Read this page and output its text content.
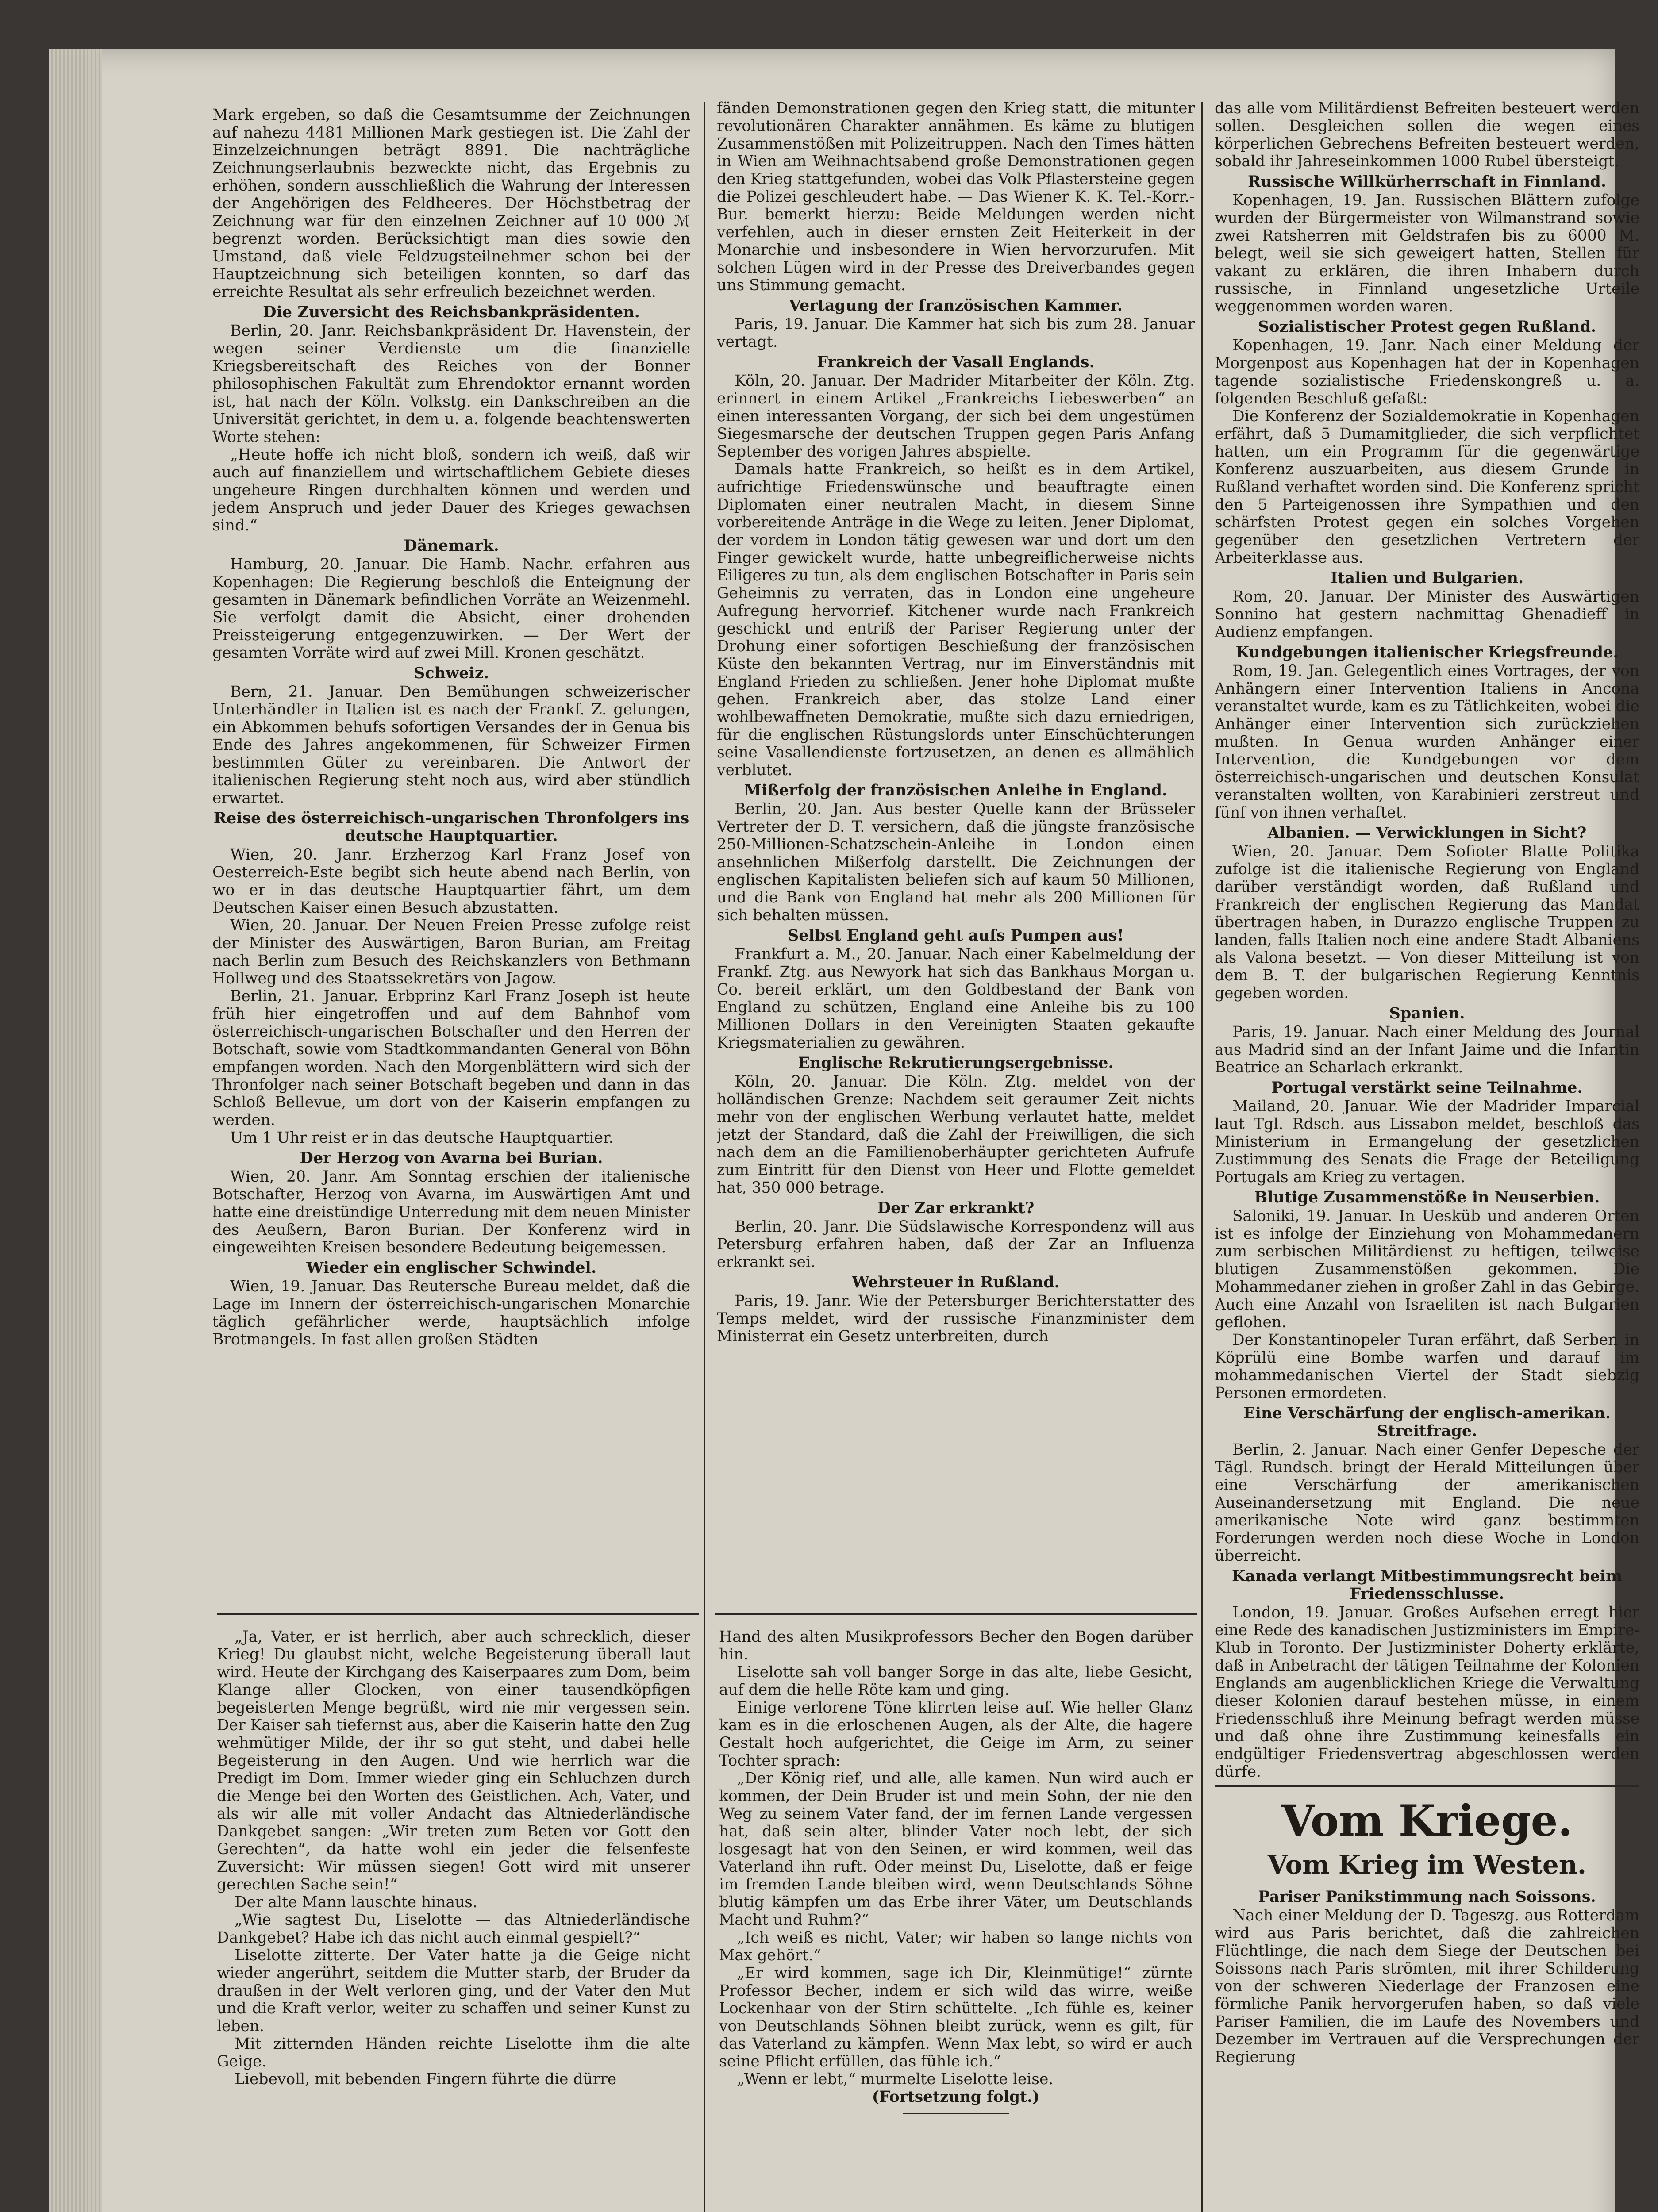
Mark ergeben, so daß die Gesamtsumme der Zeichnungen auf nahezu 4481 Millionen Mark gestiegen ist. Die Zahl der Einzelzeichnungen beträgt 8891. Die nachträgliche Zeichnungserlaubnis bezweckte nicht, das Ergebnis zu erhöhen, sondern ausschließlich die Wahrung der Interessen der Angehörigen des Feldheeres. Der Höchstbetrag der Zeichnung war für den einzelnen Zeichner auf 10 000 ℳ begrenzt worden. Berücksichtigt man dies sowie den Umstand, daß viele Feldzugsteilnehmer schon bei der Hauptzeichnung sich beteiligen konnten, so darf das erreichte Resultat als sehr erfreulich bezeichnet werden.

Die Zuversicht des Reichsbankpräsidenten.

Berlin, 20. Janr. Reichsbankpräsident Dr. Havenstein, der wegen seiner Verdienste um die finanzielle Kriegsbereitschaft des Reiches von der Bonner philosophischen Fakultät zum Ehrendoktor ernannt worden ist, hat nach der Köln. Volkstg. ein Dankschreiben an die Universität gerichtet, in dem u. a. folgende beachtenswerten Worte stehen:

„Heute hoffe ich nicht bloß, sondern ich weiß, daß wir auch auf finanziellem und wirtschaftlichem Gebiete dieses ungeheure Ringen durchhalten können und werden und jedem Anspruch und jeder Dauer des Krieges gewachsen sind.“

Dänemark.

Hamburg, 20. Januar. Die Hamb. Nachr. erfahren aus Kopenhagen: Die Regierung beschloß die Enteignung der gesamten in Dänemark befindlichen Vorräte an Weizenmehl. Sie verfolgt damit die Absicht, einer drohenden Preissteigerung entgegenzuwirken. — Der Wert der gesamten Vorräte wird auf zwei Mill. Kronen geschätzt.

Schweiz.

Bern, 21. Januar. Den Bemühungen schweizerischer Unterhändler in Italien ist es nach der Frankf. Z. gelungen, ein Abkommen behufs sofortigen Versandes der in Genua bis Ende des Jahres angekommenen, für Schweizer Firmen bestimmten Güter zu vereinbaren. Die Antwort der italienischen Regierung steht noch aus, wird aber stündlich erwartet.

Reise des österreichisch-ungarischen Thronfolgers ins deutsche Hauptquartier.

Wien, 20. Janr. Erzherzog Karl Franz Josef von Oesterreich-Este begibt sich heute abend nach Berlin, von wo er in das deutsche Hauptquartier fährt, um dem Deutschen Kaiser einen Besuch abzustatten.

Wien, 20. Januar. Der Neuen Freien Presse zufolge reist der Minister des Auswärtigen, Baron Burian, am Freitag nach Berlin zum Besuch des Reichskanzlers von Bethmann Hollweg und des Staatssekretärs von Jagow.

Berlin, 21. Januar. Erbprinz Karl Franz Joseph ist heute früh hier eingetroffen und auf dem Bahnhof vom österreichisch-ungarischen Botschafter und den Herren der Botschaft, sowie vom Stadtkommandanten General von Böhn empfangen worden. Nach den Morgenblättern wird sich der Thronfolger nach seiner Botschaft begeben und dann in das Schloß Bellevue, um dort von der Kaiserin empfangen zu werden.

Um 1 Uhr reist er in das deutsche Hauptquartier.

Der Herzog von Avarna bei Burian.

Wien, 20. Janr. Am Sonntag erschien der italienische Botschafter, Herzog von Avarna, im Auswärtigen Amt und hatte eine dreistündige Unterredung mit dem neuen Minister des Aeußern, Baron Burian. Der Konferenz wird in eingeweihten Kreisen besondere Bedeutung beigemessen.

Wieder ein englischer Schwindel.

Wien, 19. Januar. Das Reutersche Bureau meldet, daß die Lage im Innern der österreichisch-ungarischen Monarchie täglich gefährlicher werde, hauptsächlich infolge Brotmangels. In fast allen großen Städten

fänden Demonstrationen gegen den Krieg statt, die mitunter revolutionären Charakter annähmen. Es käme zu blutigen Zusammenstößen mit Polizeitruppen. Nach den Times hätten in Wien am Weihnachtsabend große Demonstrationen gegen den Krieg stattgefunden, wobei das Volk Pflastersteine gegen die Polizei geschleudert habe. — Das Wiener K. K. Tel.-Korr.-Bur. bemerkt hierzu: Beide Meldungen werden nicht verfehlen, auch in dieser ernsten Zeit Heiterkeit in der Monarchie und insbesondere in Wien hervorzurufen. Mit solchen Lügen wird in der Presse des Dreiverbandes gegen uns Stimmung gemacht.

Vertagung der französischen Kammer.

Paris, 19. Januar. Die Kammer hat sich bis zum 28. Januar vertagt.

Frankreich der Vasall Englands.

Köln, 20. Januar. Der Madrider Mitarbeiter der Köln. Ztg. erinnert in einem Artikel „Frankreichs Liebeswerben“ an einen interessanten Vorgang, der sich bei dem ungestümen Siegesmarsche der deutschen Truppen gegen Paris Anfang September des vorigen Jahres abspielte.

Damals hatte Frankreich, so heißt es in dem Artikel, aufrichtige Friedenswünsche und beauftragte einen Diplomaten einer neutralen Macht, in diesem Sinne vorbereitende Anträge in die Wege zu leiten. Jener Diplomat, der vordem in London tätig gewesen war und dort um den Finger gewickelt wurde, hatte unbegreiflicherweise nichts Eiligeres zu tun, als dem englischen Botschafter in Paris sein Geheimnis zu verraten, das in London eine ungeheure Aufregung hervorrief. Kitchener wurde nach Frankreich geschickt und entriß der Pariser Regierung unter der Drohung einer sofortigen Beschießung der französischen Küste den bekannten Vertrag, nur im Einverständnis mit England Frieden zu schließen. Jener hohe Diplomat mußte gehen. Frankreich aber, das stolze Land einer wohlbewaffneten Demokratie, mußte sich dazu erniedrigen, für die englischen Rüstungslords unter Einschüchterungen seine Vasallendienste fortzusetzen, an denen es allmählich verblutet.

Mißerfolg der französischen Anleihe in England.

Berlin, 20. Jan. Aus bester Quelle kann der Brüsseler Vertreter der D. T. versichern, daß die jüngste französische 250-Millionen-Schatzschein-Anleihe in London einen ansehnlichen Mißerfolg darstellt. Die Zeichnungen der englischen Kapitalisten beliefen sich auf kaum 50 Millionen, und die Bank von England hat mehr als 200 Millionen für sich behalten müssen.

Selbst England geht aufs Pumpen aus!

Frankfurt a. M., 20. Januar. Nach einer Kabelmeldung der Frankf. Ztg. aus Newyork hat sich das Bankhaus Morgan u. Co. bereit erklärt, um den Goldbestand der Bank von England zu schützen, England eine Anleihe bis zu 100 Millionen Dollars in den Vereinigten Staaten gekaufte Kriegsmaterialien zu gewähren.

Englische Rekrutierungsergebnisse.

Köln, 20. Januar. Die Köln. Ztg. meldet von der holländischen Grenze: Nachdem seit geraumer Zeit nichts mehr von der englischen Werbung verlautet hatte, meldet jetzt der Standard, daß die Zahl der Freiwilligen, die sich nach dem an die Familienoberhäupter gerichteten Aufrufe zum Eintritt für den Dienst von Heer und Flotte gemeldet hat, 350 000 betrage.

Der Zar erkrankt?

Berlin, 20. Janr. Die Südslawische Korrespondenz will aus Petersburg erfahren haben, daß der Zar an Influenza erkrankt sei.

Wehrsteuer in Rußland.

Paris, 19. Janr. Wie der Petersburger Berichterstatter des Temps meldet, wird der russische Finanzminister dem Ministerrat ein Gesetz unterbreiten, durch

„Ja, Vater, er ist herrlich, aber auch schrecklich, dieser Krieg! Du glaubst nicht, welche Begeisterung überall laut wird. Heute der Kirchgang des Kaiserpaares zum Dom, beim Klange aller Glocken, von einer tausendköpfigen begeisterten Menge begrüßt, wird nie mir vergessen sein. Der Kaiser sah tiefernst aus, aber die Kaiserin hatte den Zug wehmütiger Milde, der ihr so gut steht, und dabei helle Begeisterung in den Augen. Und wie herrlich war die Predigt im Dom. Immer wieder ging ein Schluchzen durch die Menge bei den Worten des Geistlichen. Ach, Vater, und als wir alle mit voller Andacht das Altniederländische Dankgebet sangen: „Wir treten zum Beten vor Gott den Gerechten“, da hatte wohl ein jeder die felsenfeste Zuversicht: Wir müssen siegen! Gott wird mit unserer gerechten Sache sein!“

Der alte Mann lauschte hinaus.

„Wie sagtest Du, Liselotte — das Altniederländische Dankgebet? Habe ich das nicht auch einmal gespielt?“

Liselotte zitterte. Der Vater hatte ja die Geige nicht wieder angerührt, seitdem die Mutter starb, der Bruder da draußen in der Welt verloren ging, und der Vater den Mut und die Kraft verlor, weiter zu schaffen und seiner Kunst zu leben.

Mit zitternden Händen reichte Liselotte ihm die alte Geige.

Liebevoll, mit bebenden Fingern führte die dürre

Hand des alten Musikprofessors Becher den Bogen darüber hin.

Liselotte sah voll banger Sorge in das alte, liebe Gesicht, auf dem die helle Röte kam und ging.

Einige verlorene Töne klirrten leise auf. Wie heller Glanz kam es in die erloschenen Augen, als der Alte, die hagere Gestalt hoch aufgerichtet, die Geige im Arm, zu seiner Tochter sprach:

„Der König rief, und alle, alle kamen. Nun wird auch er kommen, der Dein Bruder ist und mein Sohn, der nie den Weg zu seinem Vater fand, der im fernen Lande vergessen hat, daß sein alter, blinder Vater noch lebt, der sich losgesagt hat von den Seinen, er wird kommen, weil das Vaterland ihn ruft. Oder meinst Du, Liselotte, daß er feige im fremden Lande bleiben wird, wenn Deutschlands Söhne blutig kämpfen um das Erbe ihrer Väter, um Deutschlands Macht und Ruhm?“

„Ich weiß es nicht, Vater; wir haben so lange nichts von Max gehört.“

„Er wird kommen, sage ich Dir, Kleinmütige!“ zürnte Professor Becher, indem er sich wild das wirre, weiße Lockenhaar von der Stirn schüttelte. „Ich fühle es, keiner von Deutschlands Söhnen bleibt zurück, wenn es gilt, für das Vaterland zu kämpfen. Wenn Max lebt, so wird er auch seine Pflicht erfüllen, das fühle ich.“

„Wenn er lebt,“ murmelte Liselotte leise.

(Fortsetzung folgt.)

das alle vom Militärdienst Befreiten besteuert werden sollen. Desgleichen sollen die wegen eines körperlichen Gebrechens Befreiten besteuert werden, sobald ihr Jahreseinkommen 1000 Rubel übersteigt.

Russische Willkürherrschaft in Finnland.

Kopenhagen, 19. Jan. Russischen Blättern zufolge wurden der Bürgermeister von Wilmanstrand sowie zwei Ratsherren mit Geldstrafen bis zu 6000 M. belegt, weil sie sich geweigert hatten, Stellen für vakant zu erklären, die ihren Inhabern durch russische, in Finnland ungesetzliche Urteile weggenommen worden waren.

Sozialistischer Protest gegen Rußland.

Kopenhagen, 19. Janr. Nach einer Meldung der Morgenpost aus Kopenhagen hat der in Kopenhagen tagende sozialistische Friedenskongreß u. a. folgenden Beschluß gefaßt:

Die Konferenz der Sozialdemokratie in Kopenhagen erfährt, daß 5 Dumamitglieder, die sich verpflichtet hatten, um ein Programm für die gegenwärtige Konferenz auszuarbeiten, aus diesem Grunde in Rußland verhaftet worden sind. Die Konferenz spricht den 5 Parteigenossen ihre Sympathien und den schärfsten Protest gegen ein solches Vorgehen gegenüber den gesetzlichen Vertretern der Arbeiterklasse aus.

Italien und Bulgarien.

Rom, 20. Januar. Der Minister des Auswärtigen Sonnino hat gestern nachmittag Ghenadieff in Audienz empfangen.

Kundgebungen italienischer Kriegsfreunde.

Rom, 19. Jan. Gelegentlich eines Vortrages, der von Anhängern einer Intervention Italiens in Ancona veranstaltet wurde, kam es zu Tätlichkeiten, wobei die Anhänger einer Intervention sich zurückziehen mußten. In Genua wurden Anhänger einer Intervention, die Kundgebungen vor dem österreichisch-ungarischen und deutschen Konsulat veranstalten wollten, von Karabinieri zerstreut und fünf von ihnen verhaftet.

Albanien. — Verwicklungen in Sicht?

Wien, 20. Januar. Dem Sofioter Blatte Politika zufolge ist die italienische Regierung von England darüber verständigt worden, daß Rußland und Frankreich der englischen Regierung das Mandat übertragen haben, in Durazzo englische Truppen zu landen, falls Italien noch eine andere Stadt Albaniens als Valona besetzt. — Von dieser Mitteilung ist von dem B. T. der bulgarischen Regierung Kenntnis gegeben worden.

Spanien.

Paris, 19. Januar. Nach einer Meldung des Journal aus Madrid sind an der Infant Jaime und die Infantin Beatrice an Scharlach erkrankt.

Portugal verstärkt seine Teilnahme.

Mailand, 20. Januar. Wie der Madrider Imparcial laut Tgl. Rdsch. aus Lissabon meldet, beschloß das Ministerium in Ermangelung der gesetzlichen Zustimmung des Senats die Frage der Beteiligung Portugals am Krieg zu vertagen.

Blutige Zusammenstöße in Neuserbien.

Saloniki, 19. Januar. In Uesküb und anderen Orten ist es infolge der Einziehung von Mohammedanern zum serbischen Militärdienst zu heftigen, teilweise blutigen Zusammenstößen gekommen. Die Mohammedaner ziehen in großer Zahl in das Gebirge. Auch eine Anzahl von Israeliten ist nach Bulgarien geflohen.

Der Konstantinopeler Turan erfährt, daß Serben in Köprülü eine Bombe warfen und darauf im mohammedanischen Viertel der Stadt siebzig Personen ermordeten.

Eine Verschärfung der englisch-amerikan. Streitfrage.

Berlin, 2. Januar. Nach einer Genfer Depesche der Tägl. Rundsch. bringt der Herald Mitteilungen über eine Verschärfung der amerikanischen Auseinandersetzung mit England. Die neue amerikanische Note wird ganz bestimmten Forderungen werden noch diese Woche in London überreicht.

Kanada verlangt Mitbestimmungsrecht beim Friedensschlusse.

London, 19. Januar. Großes Aufsehen erregt hier eine Rede des kanadischen Justizministers im Empire-Klub in Toronto. Der Justizminister Doherty erklärte, daß in Anbetracht der tätigen Teilnahme der Kolonien Englands am augenblicklichen Kriege die Verwaltung dieser Kolonien darauf bestehen müsse, in einem Friedensschluß ihre Meinung befragt werden müsse und daß ohne ihre Zustimmung keinesfalls ein endgültiger Friedensvertrag abgeschlossen werden dürfe.

Vom Kriege.
Vom Krieg im Westen.
Pariser Panikstimmung nach Soissons.

Nach einer Meldung der D. Tageszg. aus Rotterdam wird aus Paris berichtet, daß die zahlreichen Flüchtlinge, die nach dem Siege der Deutschen bei Soissons nach Paris strömten, mit ihrer Schilderung von der schweren Niederlage der Franzosen eine förmliche Panik hervorgerufen haben, so daß viele Pariser Familien, die im Laufe des Novembers und Dezember im Vertrauen auf die Versprechungen der Regierung
